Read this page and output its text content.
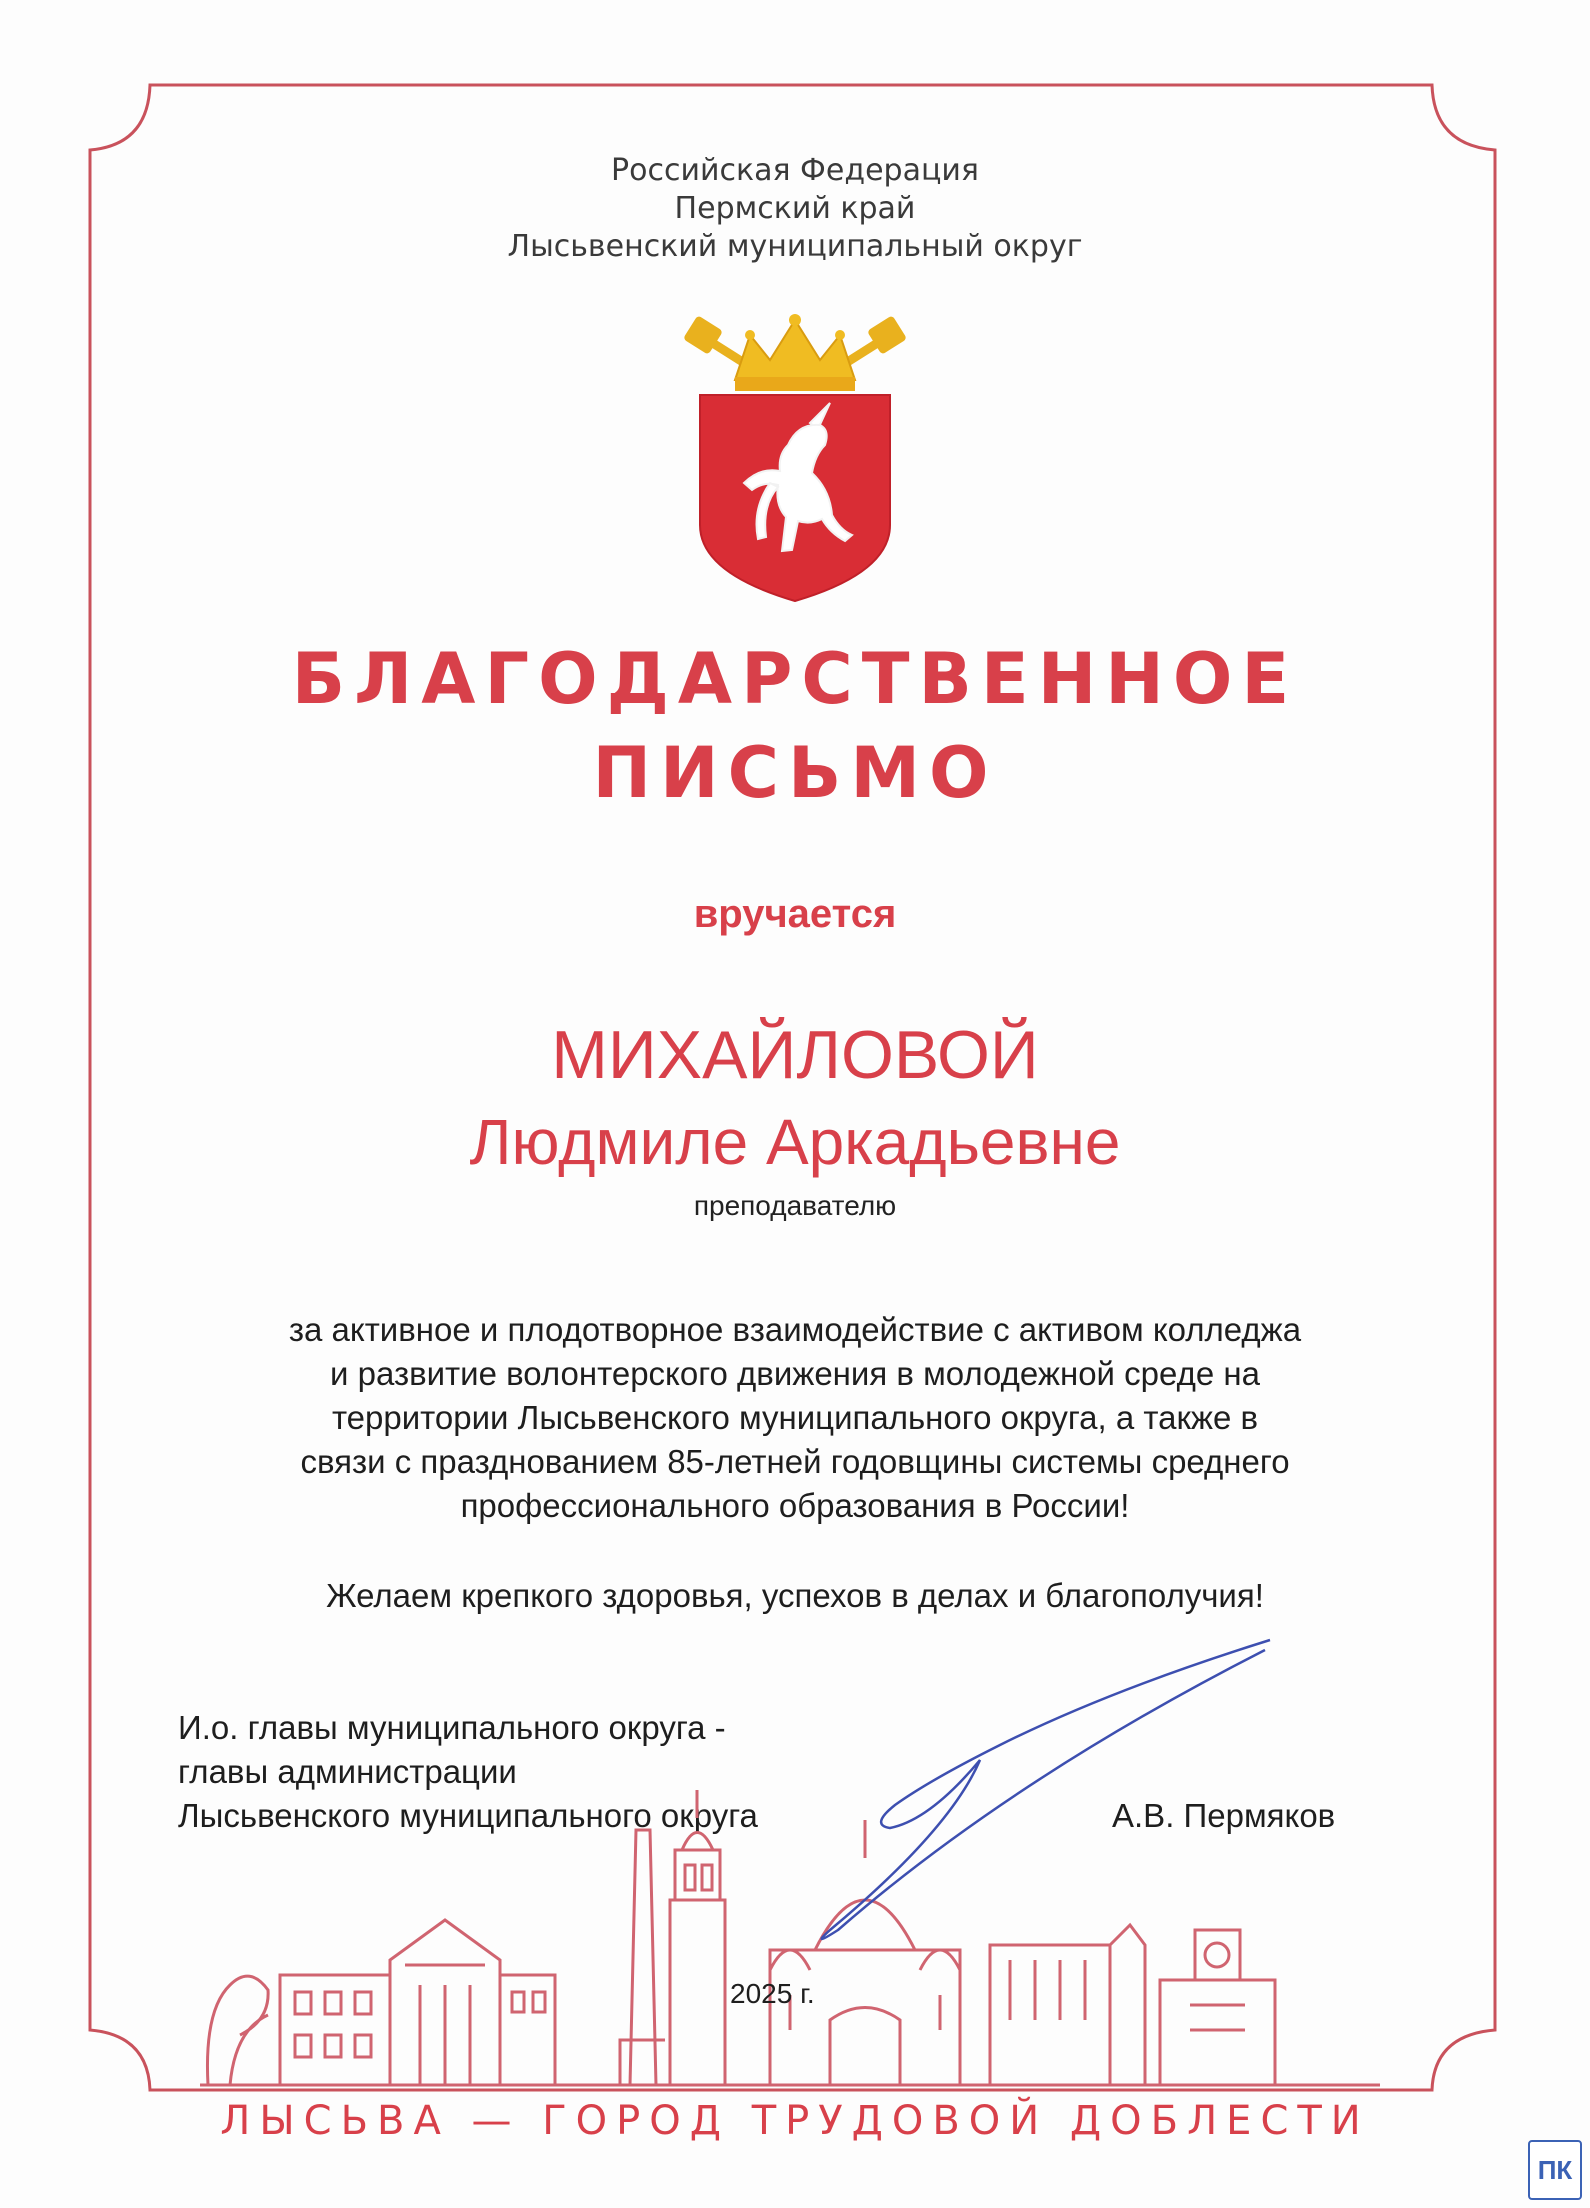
Российская Федерация
Пермский край
Лысьвенский муниципальный округ
БЛАГОДАРСТВЕННОЕ
ПИСЬМО
вручается
МИХАЙЛОВОЙ
Людмиле Аркадьевне
преподавателю
за активное и плодотворное взаимодействие с активом колледжа
и развитие волонтерского движения в молодежной среде на
территории Лысьвенского муниципального округа, а также в
связи с празднованием 85-летней годовщины системы среднего
профессионального образования в России!
Желаем крепкого здоровья, успехов в делах и благополучия!
И.о. главы муниципального округа -
главы администрации
Лысьвенского муниципального округа	А.В. Пермяков
2025 г.
ЛЫСЬВА — ГОРОД ТРУДОВОЙ ДОБЛЕСТИ
ПК
